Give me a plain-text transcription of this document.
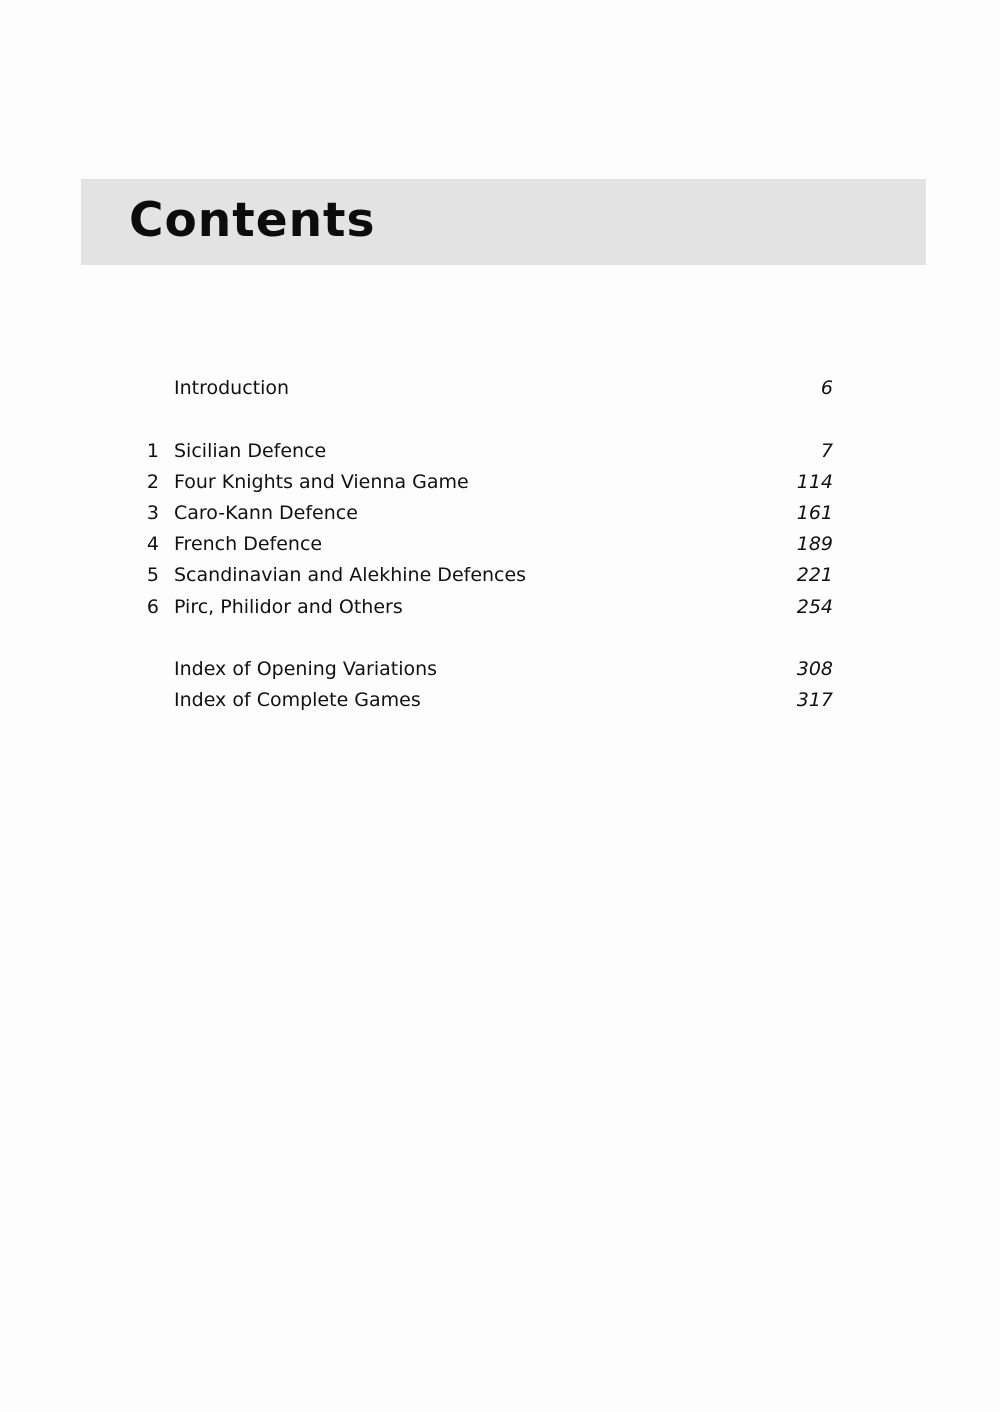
Contents
Introduction	6
1 Sicilian Defence	7
2 Four Knights and Vienna Game	114
3 Caro-Kann Defence	161
4 French Defence	189
5 Scandinavian and Alekhine Defences	221
6 Pirc, Philidor and Others	254
Index of Opening Variations	308
Index of Complete Games	317
